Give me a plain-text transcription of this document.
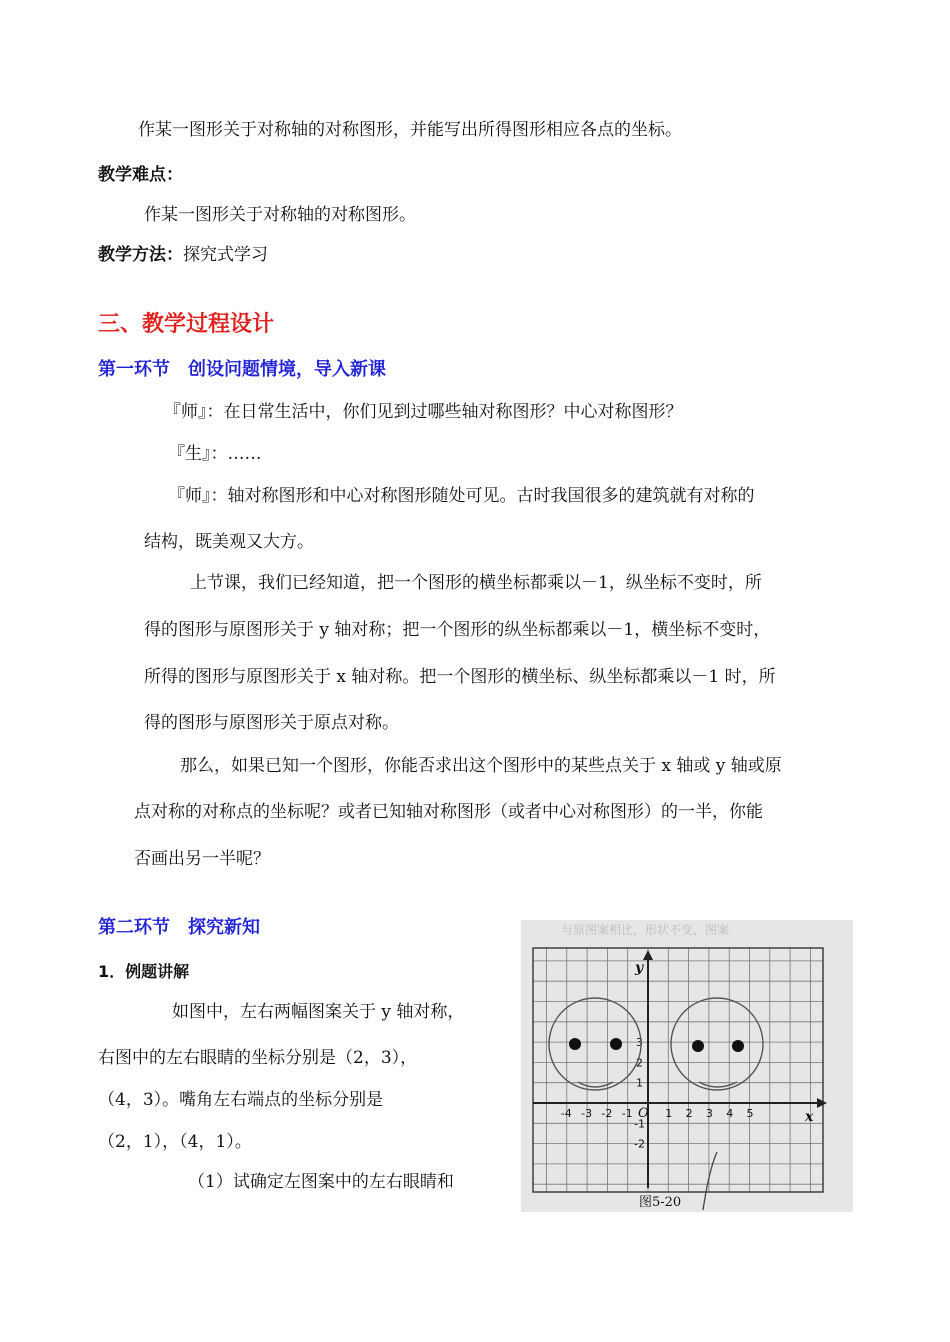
作某一图形关于对称轴的对称图形，并能写出所得图形相应各点的坐标。
教学难点：
作某一图形关于对称轴的对称图形。
教学方法：探究式学习
三、教学过程设计
第一环节　创设问题情境，导入新课
『师』：在日常生活中，你们见到过哪些轴对称图形？中心对称图形？
『生』：……
『师』：轴对称图形和中心对称图形随处可见。古时我国很多的建筑就有对称的
结构，既美观又大方。
上节课，我们已经知道，把一个图形的横坐标都乘以－1，纵坐标不变时，所
得的图形与原图形关于 y 轴对称；把一个图形的纵坐标都乘以－1，横坐标不变时，
所得的图形与原图形关于 x 轴对称。把一个图形的横坐标、纵坐标都乘以－1 时，所
得的图形与原图形关于原点对称。
那么，如果已知一个图形，你能否求出这个图形中的某些点关于 x 轴或 y 轴或原
点对称的对称点的坐标呢？或者已知轴对称图形（或者中心对称图形）的一半，你能
否画出另一半呢？
第二环节　探究新知
1．例题讲解
如图中，左右两幅图案关于 y 轴对称，
右图中的左右眼睛的坐标分别是（2，3），
（4，3）。嘴角左右端点的坐标分别是
（2，1），（4，1）。
（1）试确定左图案中的左右眼睛和
与原图案相比，形状不变，图案
x
y
O
-4 -3 -2 -1	1 2 3 4 5
3
2
1
-1
-2
图5-20
